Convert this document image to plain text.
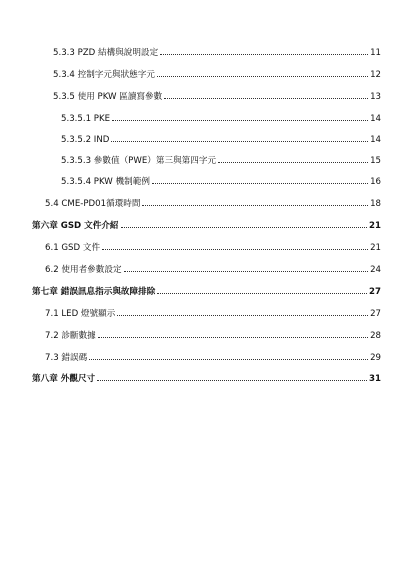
5.3.3 PZD 結構與說明設定	11
5.3.4 控制字元與狀態字元	12
5.3.5 使用 PKW 區讀寫參數	13
5.3.5.1 PKE	14
5.3.5.2 IND	14
5.3.5.3 參數值（PWE）第三與第四字元	15
5.3.5.4 PKW 機制範例	16
5.4 CME-PD01循環時間	18
第六章 GSD 文件介紹	21
6.1 GSD 文件	21
6.2 使用者參數設定	24
第七章 錯誤訊息指示與故障排除	27
7.1 LED 燈號顯示	27
7.2 診斷數據	28
7.3 錯誤碼	29
第八章 外觀尺寸	31
